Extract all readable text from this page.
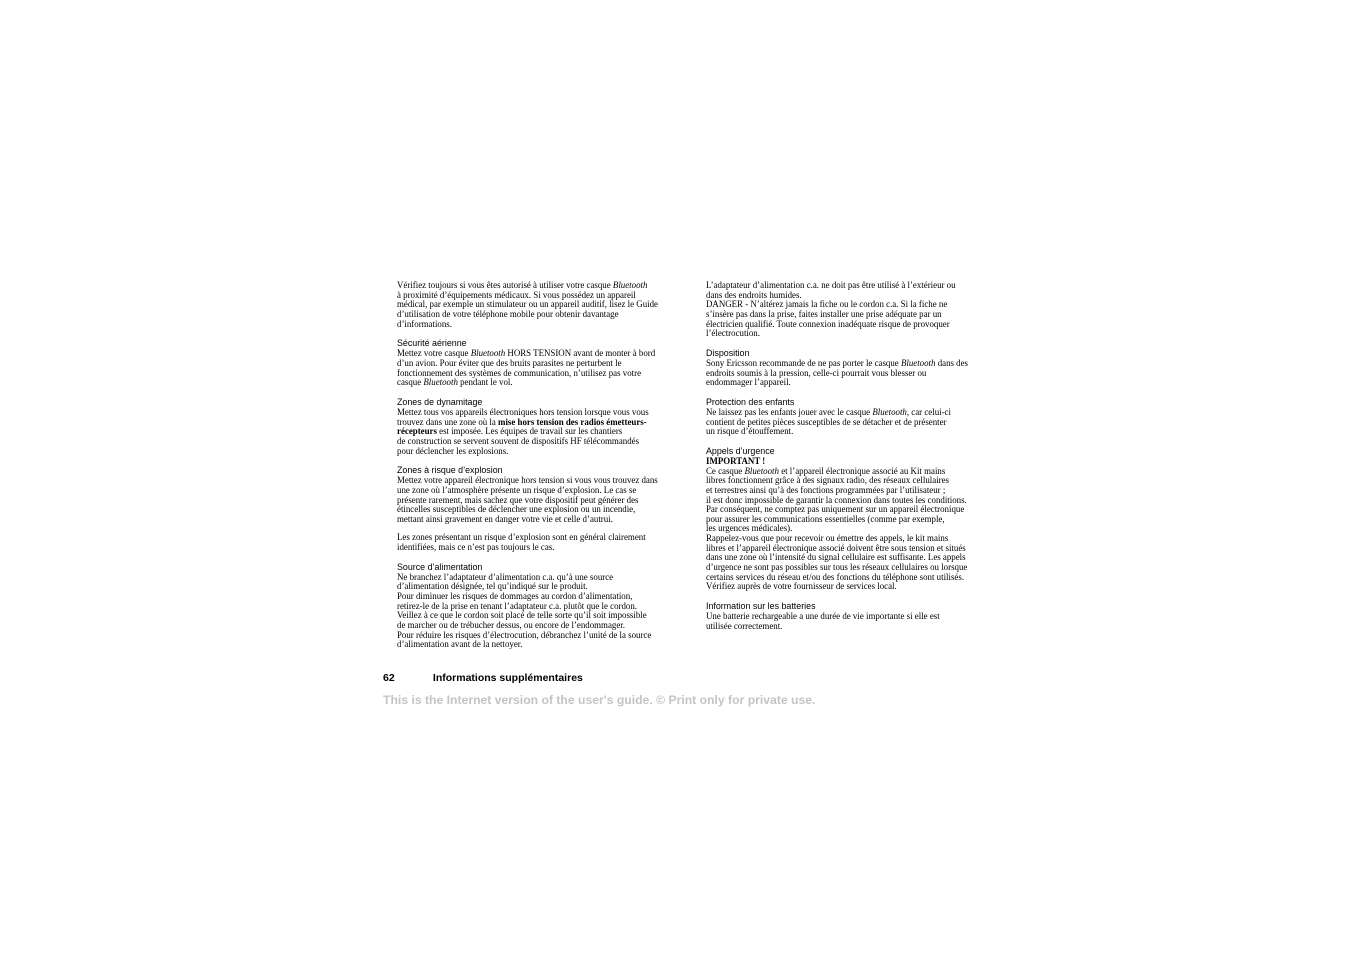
Vérifiez toujours si vous êtes autorisé à utiliser votre casque Bluetooth
à proximité d’équipements médicaux. Si vous possédez un appareil
médical, par exemple un stimulateur ou un appareil auditif, lisez le Guide
d’utilisation de votre téléphone mobile pour obtenir davantage
d’informations.
Sécurité aérienne
Mettez votre casque Bluetooth HORS TENSION avant de monter à bord
d’un avion. Pour éviter que des bruits parasites ne perturbent le
fonctionnement des systèmes de communication, n’utilisez pas votre
casque Bluetooth pendant le vol.
Zones de dynamitage
Mettez tous vos appareils électroniques hors tension lorsque vous vous
trouvez dans une zone où la mise hors tension des radios émetteurs-
récepteurs est imposée. Les équipes de travail sur les chantiers
de construction se servent souvent de dispositifs HF télécommandés
pour déclencher les explosions.
Zones à risque d’explosion
Mettez votre appareil électronique hors tension si vous vous trouvez dans
une zone où l’atmosphère présente un risque d’explosion. Le cas se
présente rarement, mais sachez que votre dispositif peut générer des
étincelles susceptibles de déclencher une explosion ou un incendie,
mettant ainsi gravement en danger votre vie et celle d’autrui.
Les zones présentant un risque d’explosion sont en général clairement
identifiées, mais ce n’est pas toujours le cas.
Source d’alimentation
Ne branchez l’adaptateur d’alimentation c.a. qu’à une source
d’alimentation désignée, tel qu’indiqué sur le produit.
Pour diminuer les risques de dommages au cordon d’alimentation,
retirez-le de la prise en tenant l’adaptateur c.a. plutôt que le cordon.
Veillez à ce que le cordon soit placé de telle sorte qu’il soit impossible
de marcher ou de trébucher dessus, ou encore de l’endommager.
Pour réduire les risques d’électrocution, débranchez l’unité de la source
d’alimentation avant de la nettoyer.
L’adaptateur d’alimentation c.a. ne doit pas être utilisé à l’extérieur ou
dans des endroits humides.
DANGER - N’altérez jamais la fiche ou le cordon c.a. Si la fiche ne
s’insère pas dans la prise, faites installer une prise adéquate par un
électricien qualifié. Toute connexion inadéquate risque de provoquer
l’électrocution.
Disposition
Sony Ericsson recommande de ne pas porter le casque Bluetooth dans des
endroits soumis à la pression, celle-ci pourrait vous blesser ou
endommager l’appareil.
Protection des enfants
Ne laissez pas les enfants jouer avec le casque Bluetooth, car celui-ci
contient de petites pièces susceptibles de se détacher et de présenter
un risque d’étouffement.
Appels d’urgence
IMPORTANT !
Ce casque Bluetooth et l’appareil électronique associé au Kit mains
libres fonctionnent grâce à des signaux radio, des réseaux cellulaires
et terrestres ainsi qu’à des fonctions programmées par l’utilisateur ;
il est donc impossible de garantir la connexion dans toutes les conditions.
Par conséquent, ne comptez pas uniquement sur un appareil électronique
pour assurer les communications essentielles (comme par exemple,
les urgences médicales).
Rappelez-vous que pour recevoir ou émettre des appels, le kit mains
libres et l’appareil électronique associé doivent être sous tension et situés
dans une zone où l’intensité du signal cellulaire est suffisante. Les appels
d’urgence ne sont pas possibles sur tous les réseaux cellulaires ou lorsque
certains services du réseau et/ou des fonctions du téléphone sont utilisés.
Vérifiez auprès de votre fournisseur de services local.
Information sur les batteries
Une batterie rechargeable a une durée de vie importante si elle est
utilisée correctement.
62	Informations supplémentaires
This is the Internet version of the user's guide. © Print only for private use.
